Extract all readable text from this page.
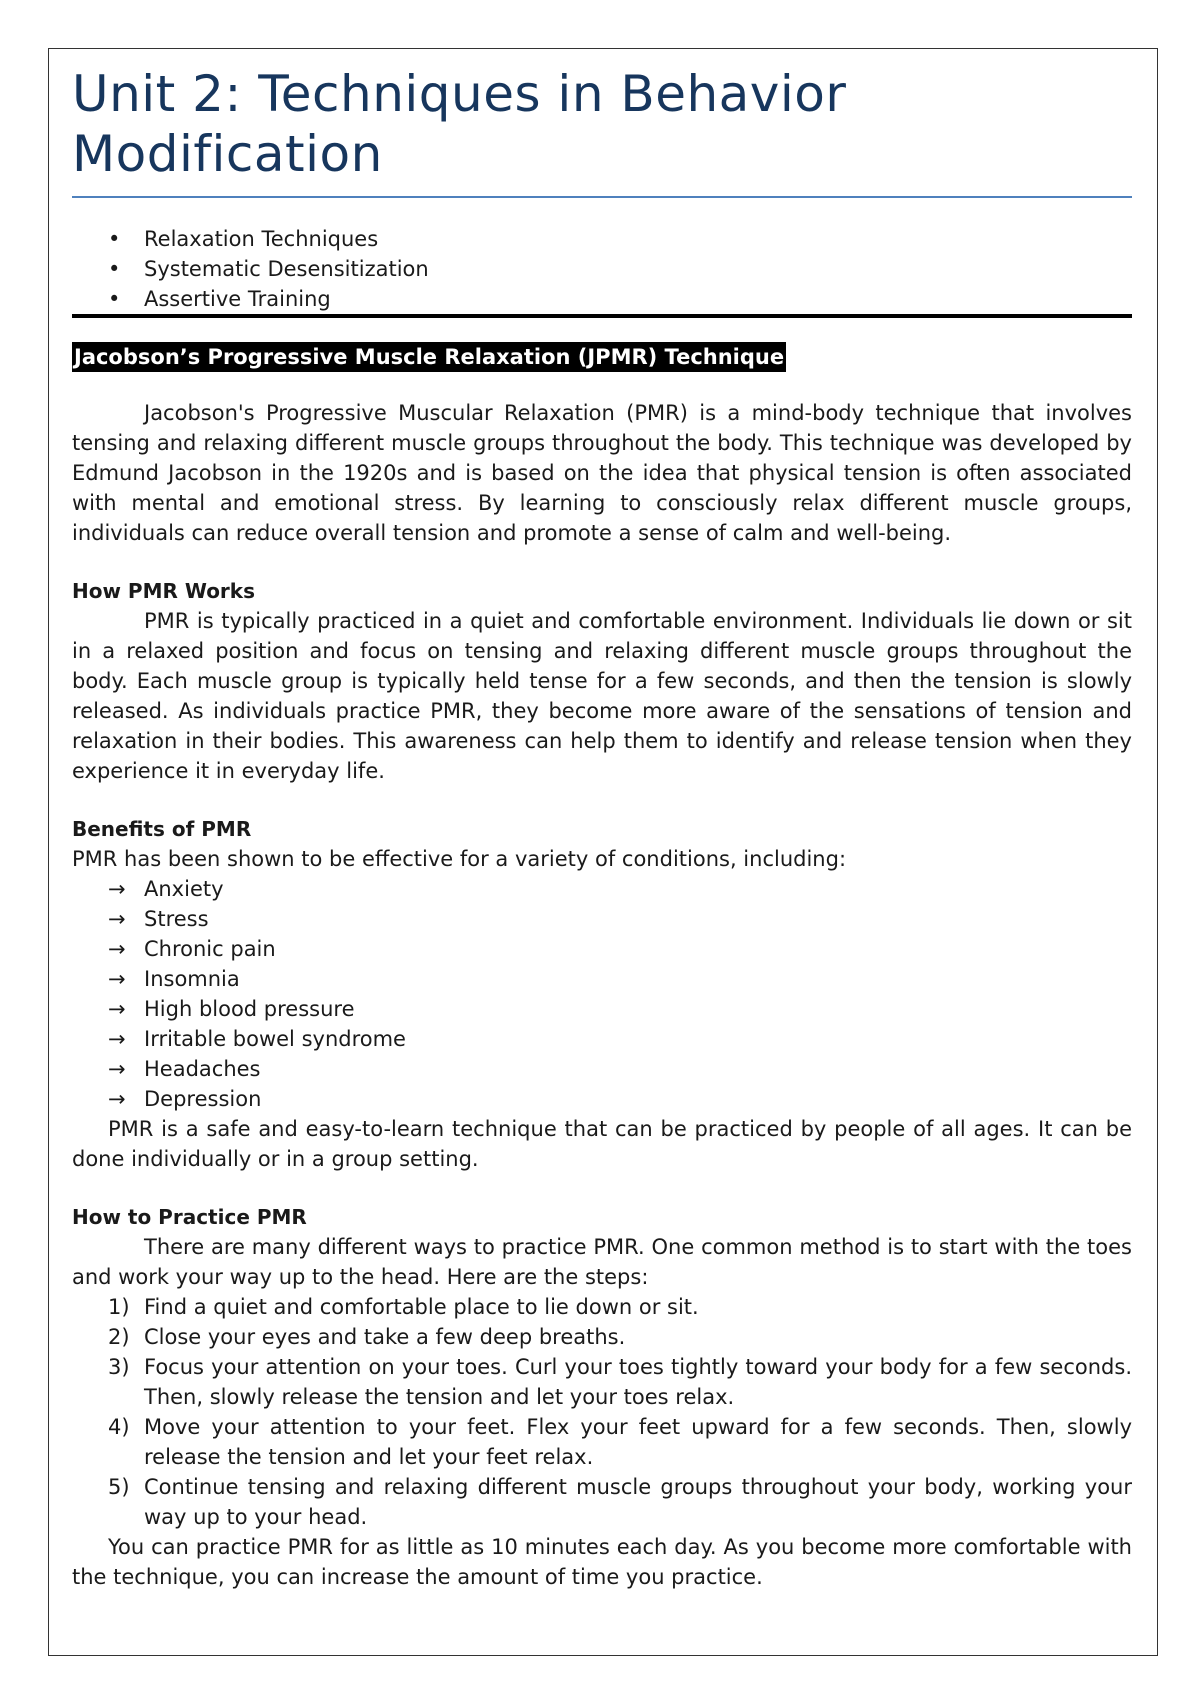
Unit 2: Techniques in Behavior Modification
• Relaxation Techniques
• Systematic Desensitization
• Assertive Training
Jacobson’s Progressive Muscle Relaxation (JPMR) Technique

Jacobson's Progressive Muscular Relaxation (PMR) is a mind-body technique that involves tensing and relaxing different muscle groups throughout the body. This technique was developed by Edmund Jacobson in the 1920s and is based on the idea that physical tension is often associated with mental and emotional stress. By learning to consciously relax different muscle groups, individuals can reduce overall tension and promote a sense of calm and well-being.

How PMR Works

PMR is typically practiced in a quiet and comfortable environment. Individuals lie down or sit in a relaxed position and focus on tensing and relaxing different muscle groups throughout the body. Each muscle group is typically held tense for a few seconds, and then the tension is slowly released. As individuals practice PMR, they become more aware of the sensations of tension and relaxation in their bodies. This awareness can help them to identify and release tension when they experience it in everyday life.

Benefits of PMR

PMR has been shown to be effective for a variety of conditions, including:

→ Anxiety
→ Stress
→ Chronic pain
→ Insomnia
→ High blood pressure
→ Irritable bowel syndrome
→ Headaches
→ Depression

PMR is a safe and easy-to-learn technique that can be practiced by people of all ages. It can be done individually or in a group setting.

How to Practice PMR

There are many different ways to practice PMR. One common method is to start with the toes and work your way up to the head. Here are the steps:

1) Find a quiet and comfortable place to lie down or sit.
2) Close your eyes and take a few deep breaths.
3) Focus your attention on your toes. Curl your toes tightly toward your body for a few seconds. Then, slowly release the tension and let your toes relax.
4) Move your attention to your feet. Flex your feet upward for a few seconds. Then, slowly release the tension and let your feet relax.
5) Continue tensing and relaxing different muscle groups throughout your body, working your way up to your head.

You can practice PMR for as little as 10 minutes each day. As you become more comfortable with the technique, you can increase the amount of time you practice.
